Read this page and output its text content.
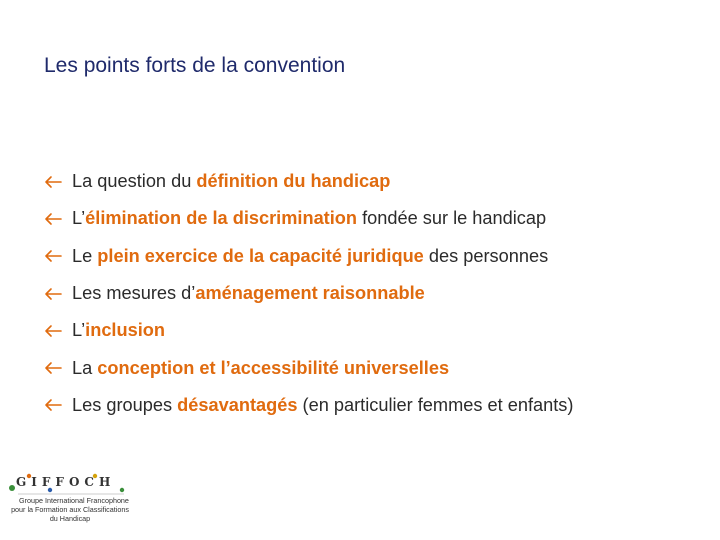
Les points forts de la convention
La question du définition du handicap
L’élimination de la discrimination fondée sur le handicap
Le plein exercice de la capacité juridique des personnes
Les mesures d’aménagement raisonnable
L’inclusion
La conception et l’accessibilité universelles
Les groupes désavantagés (en particulier femmes et enfants)
G I F F O C H
Groupe International Francophone
pour la Formation aux Classifications
du Handicap
